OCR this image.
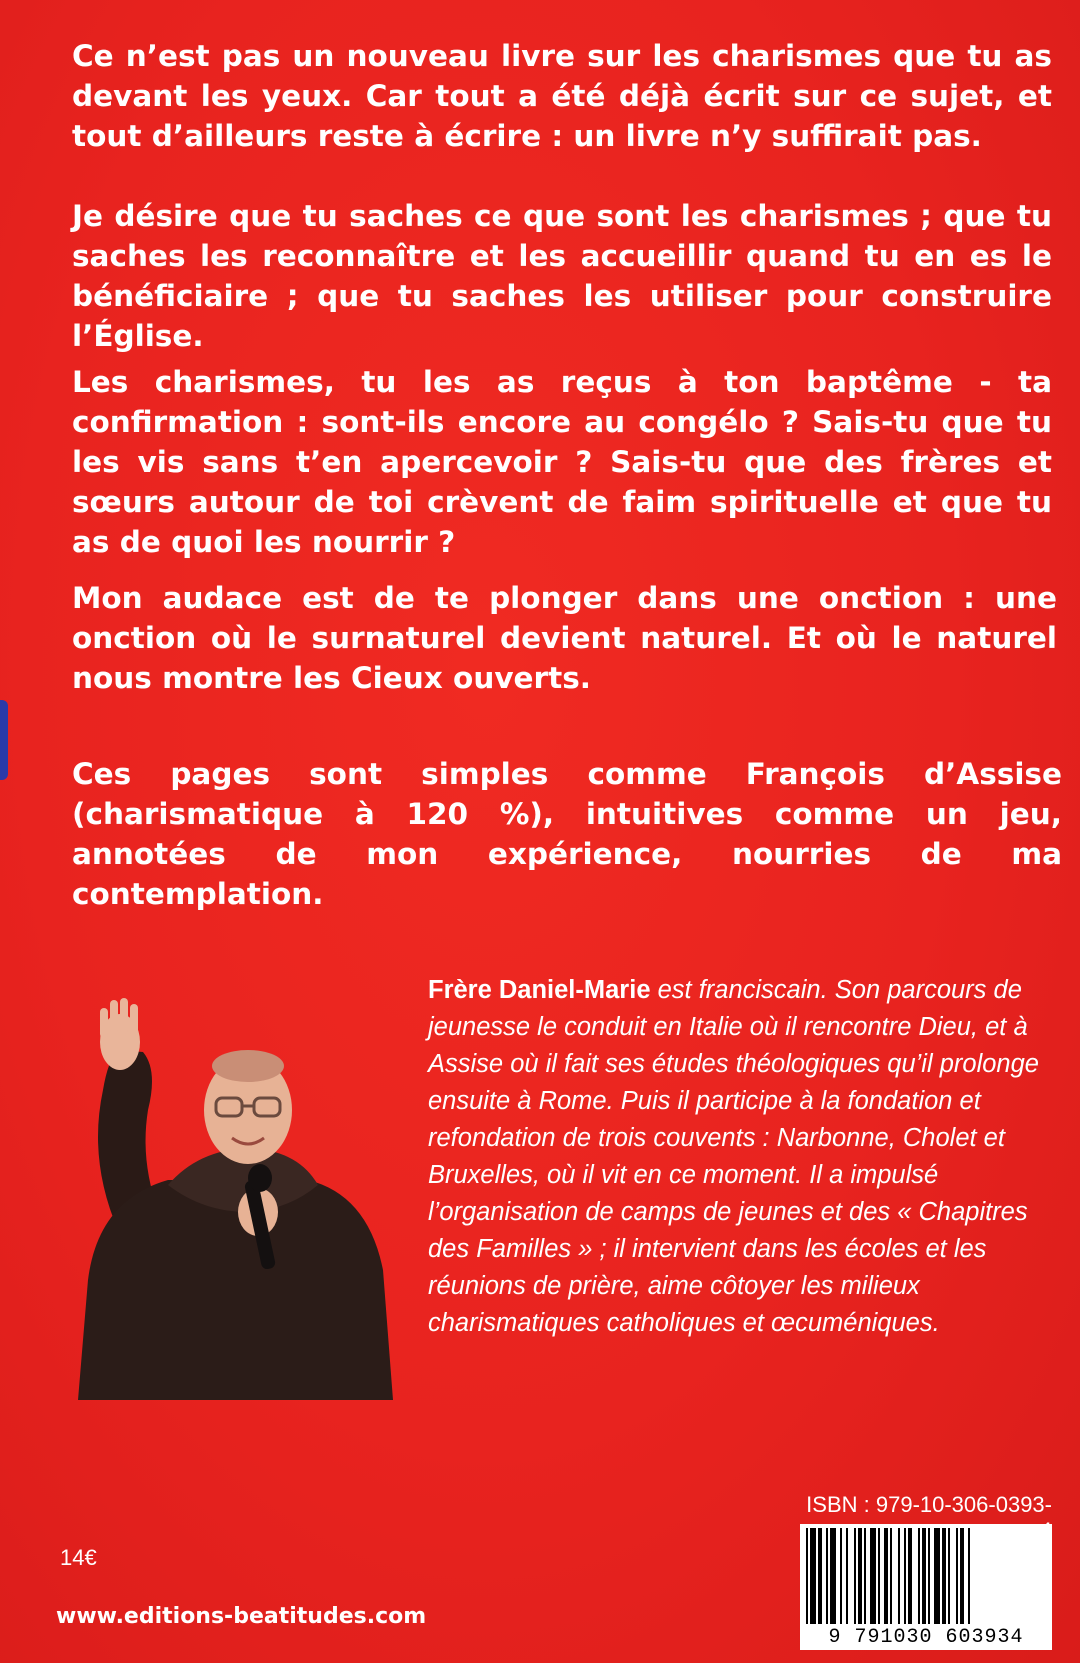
Ce n’est pas un nouveau livre sur les charismes que tu as devant les yeux. Car tout a été déjà écrit sur ce sujet, et tout d’ailleurs reste à écrire : un livre n’y suffirait pas.

Je désire que tu saches ce que sont les charismes ; que tu saches les reconnaître et les accueillir quand tu en es le bénéficiaire ; que tu saches les utiliser pour construire l’Église.

Les charismes, tu les as reçus à ton baptême - ta confirmation : sont-ils encore au congélo ? Sais-tu que tu les vis sans t’en apercevoir ? Sais-tu que des frères et sœurs autour de toi crèvent de faim spirituelle et que tu as de quoi les nourrir ?

Mon audace est de te plonger dans une onction : une onction où le surnaturel devient naturel. Et où le naturel nous montre les Cieux ouverts.

Ces pages sont simples comme François d’Assise (charismatique à 120 %), intuitives comme un jeu, annotées de mon expérience, nourries de ma contemplation.

Frère Daniel-Marie est franciscain. Son parcours de jeunesse le conduit en Italie où il rencontre Dieu, et à Assise où il fait ses études théologiques qu’il prolonge ensuite à Rome. Puis il participe à la fondation et refondation de trois couvents : Narbonne, Cholet et Bruxelles, où il vit en ce moment. Il a impulsé l’organisation de camps de jeunes et des « Chapitres des Familles » ; il intervient dans les écoles et les réunions de prière, aime côtoyer les milieux charismatiques catholiques et œcuméniques.

ISBN : 979-10-306-0393-
9 791030 603934
14€
www.editions-beatitudes.com
